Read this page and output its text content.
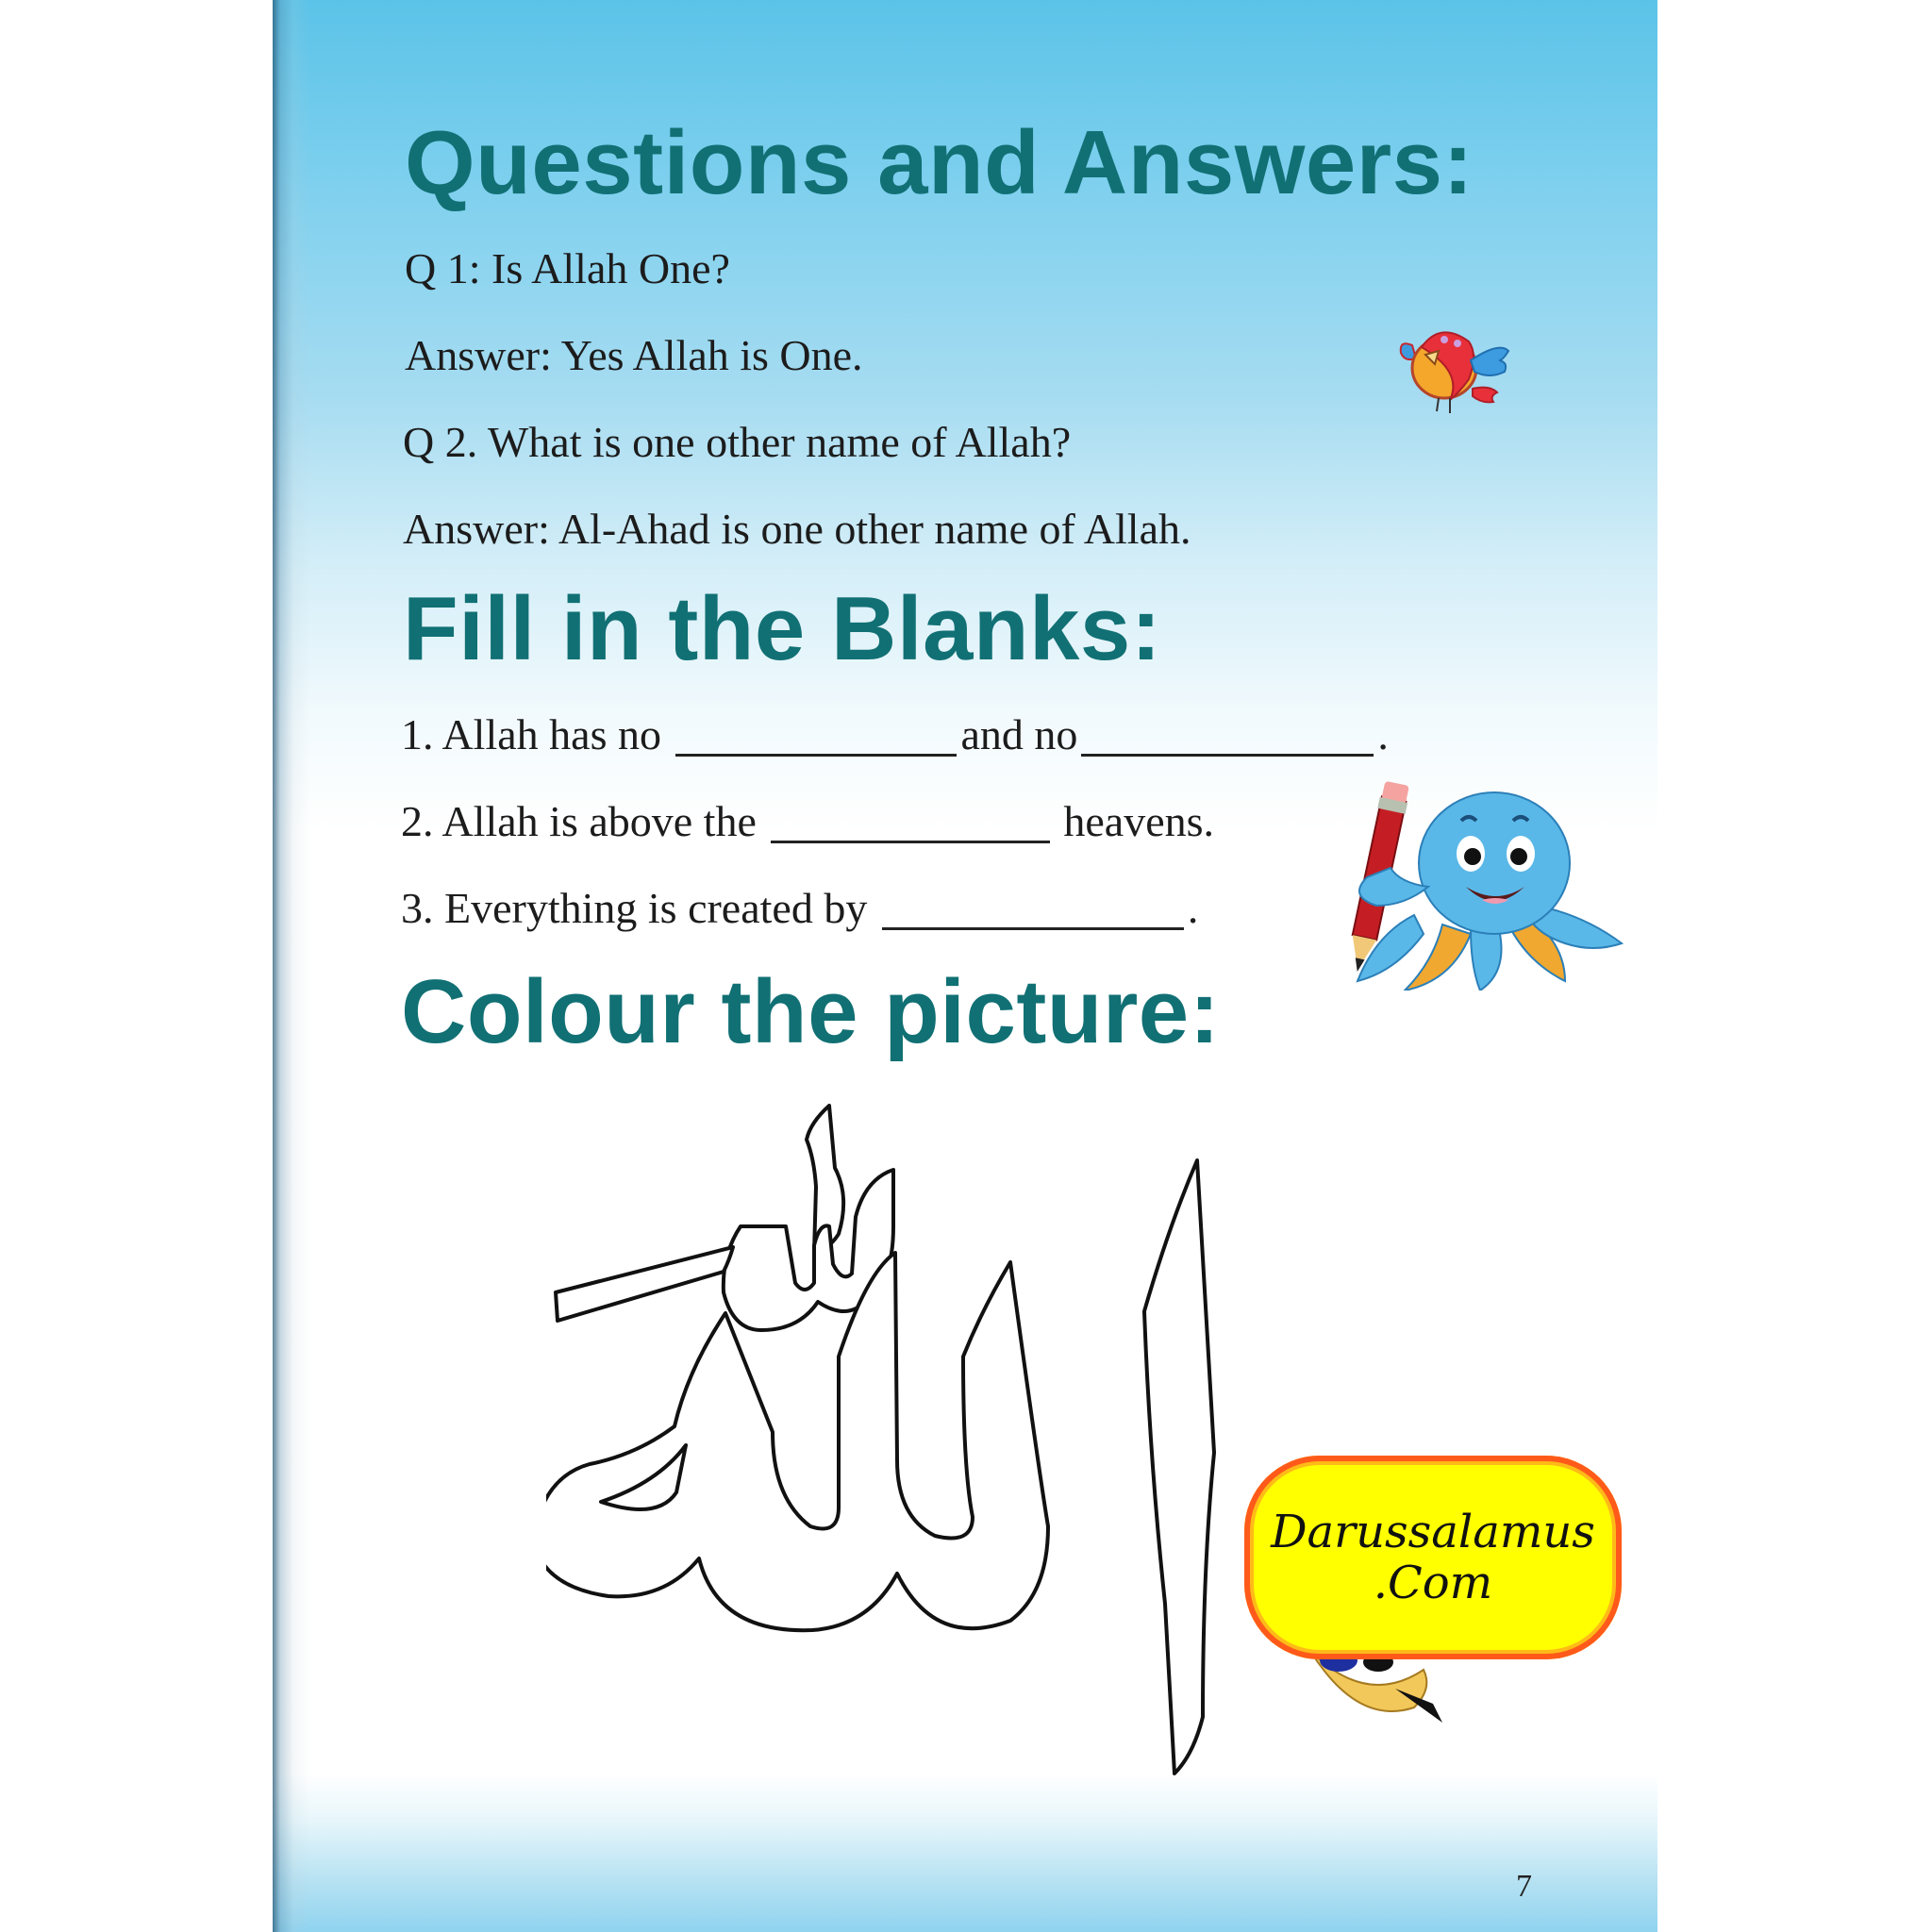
Questions and Answers:

Q 1: Is Allah One?

Answer: Yes Allah is One.

Q 2. What is one other name of Allah?

Answer: Al-Ahad is one other name of Allah.

Fill in the Blanks:

1. Allah has no	and no	.

2. Allah is above the	heavens.

3. Everything is created by	.

Colour the picture:
Darussalamus
.Com
7
